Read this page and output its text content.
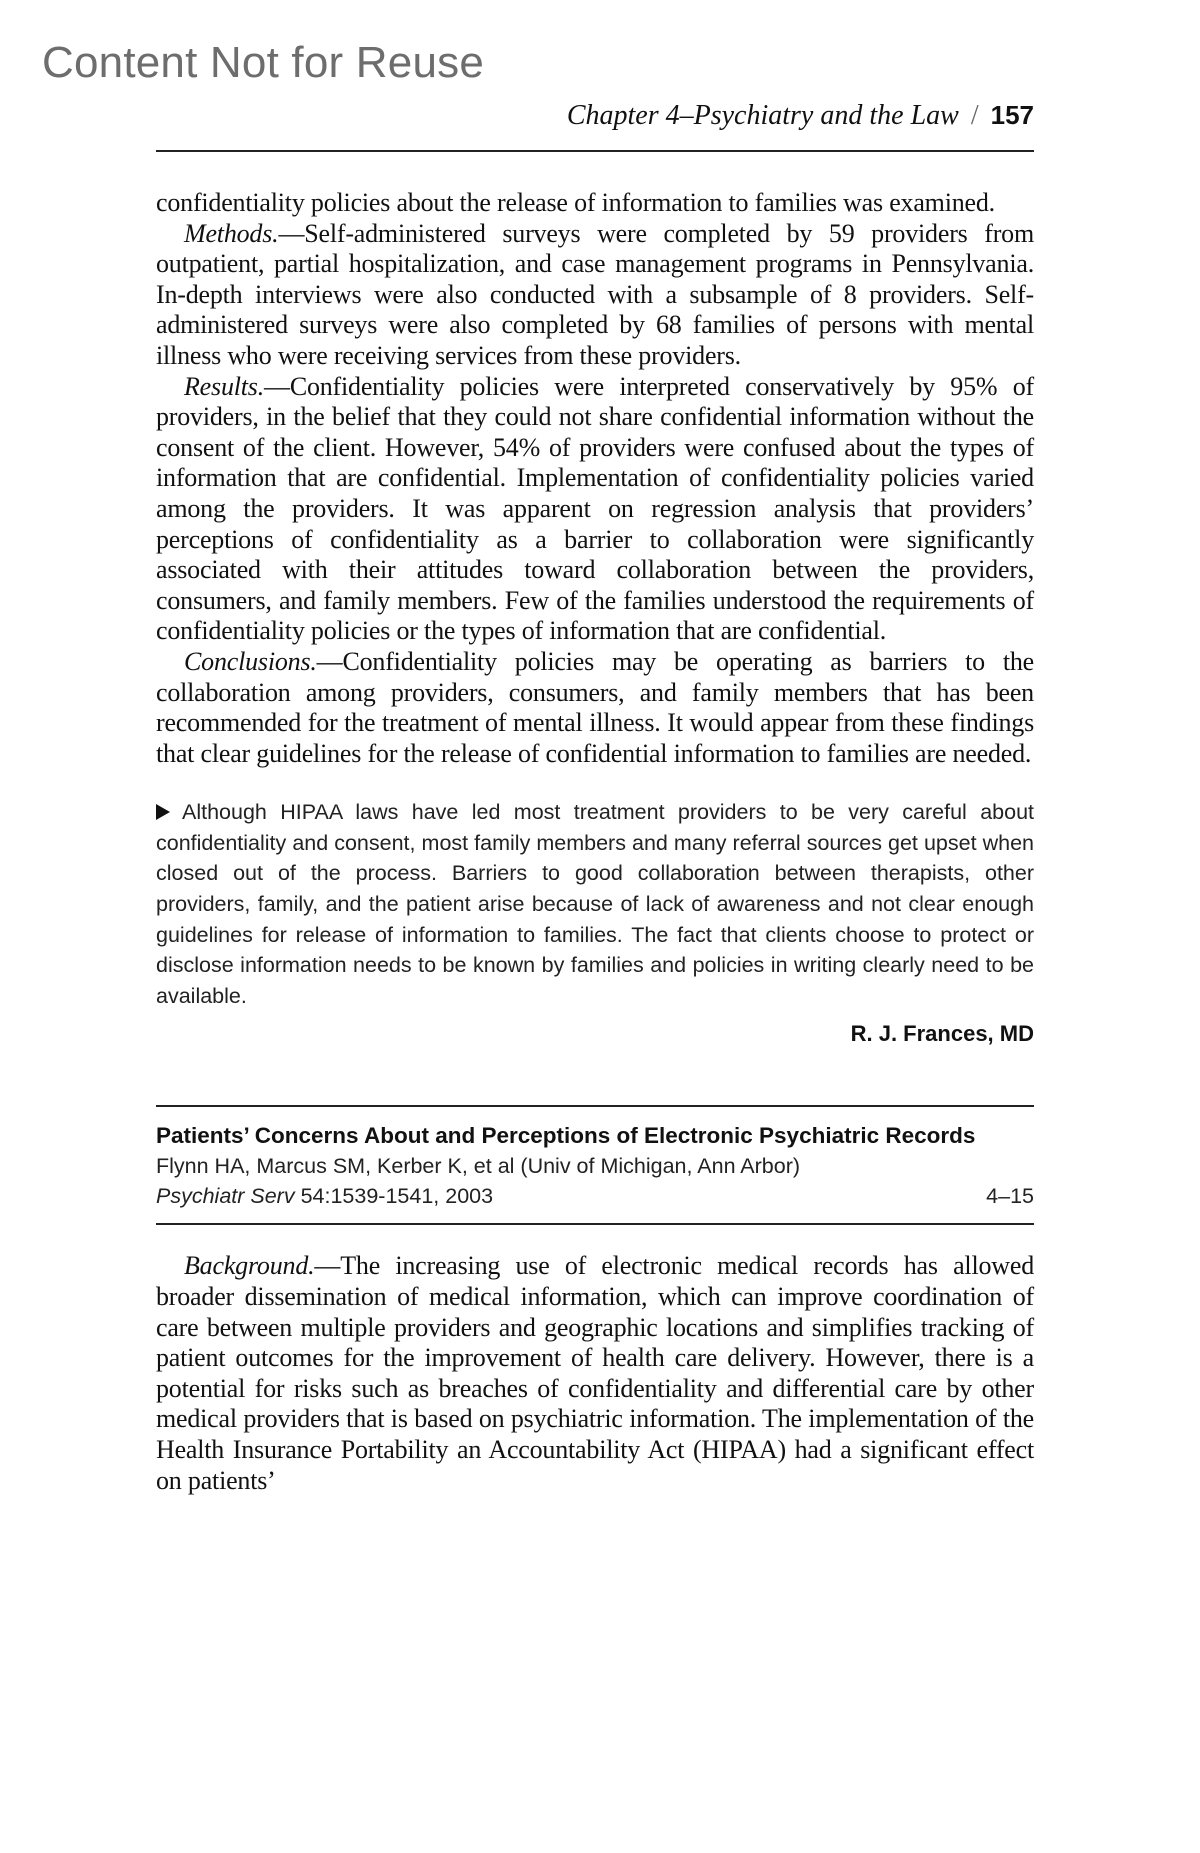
Content Not for Reuse
Chapter 4–Psychiatry and the Law / 157

confidentiality policies about the release of information to families was examined.

Methods.—Self-administered surveys were completed by 59 providers from outpatient, partial hospitalization, and case management programs in Pennsylvania. In-depth interviews were also conducted with a subsample of 8 providers. Self-administered surveys were also completed by 68 families of persons with mental illness who were receiving services from these providers.

Results.—Confidentiality policies were interpreted conservatively by 95% of providers, in the belief that they could not share confidential information without the consent of the client. However, 54% of providers were confused about the types of information that are confidential. Implementation of confidentiality policies varied among the providers. It was apparent on regression analysis that providers’ perceptions of confidentiality as a barrier to collaboration were significantly associated with their attitudes toward collaboration between the providers, consumers, and family members. Few of the families understood the requirements of confidentiality policies or the types of information that are confidential.

Conclusions.—Confidentiality policies may be operating as barriers to the collaboration among providers, consumers, and family members that has been recommended for the treatment of mental illness. It would appear from these findings that clear guidelines for the release of confidential information to families are needed.

Although HIPAA laws have led most treatment providers to be very careful about confidentiality and consent, most family members and many referral sources get upset when closed out of the process. Barriers to good collaboration between therapists, other providers, family, and the patient arise because of lack of awareness and not clear enough guidelines for release of information to families. The fact that clients choose to protect or disclose information needs to be known by families and policies in writing clearly need to be available.
R. J. Frances, MD
Patients’ Concerns About and Perceptions of Electronic Psychiatric Records
Flynn HA, Marcus SM, Kerber K, et al (Univ of Michigan, Ann Arbor)
Psychiatr Serv 54:1539-1541, 2003	4–15

Background.—The increasing use of electronic medical records has allowed broader dissemination of medical information, which can improve coordination of care between multiple providers and geographic locations and simplifies tracking of patient outcomes for the improvement of health care delivery. However, there is a potential for risks such as breaches of confidentiality and differential care by other medical providers that is based on psychiatric information. The implementation of the Health Insurance Portability an Accountability Act (HIPAA) had a significant effect on patients’
